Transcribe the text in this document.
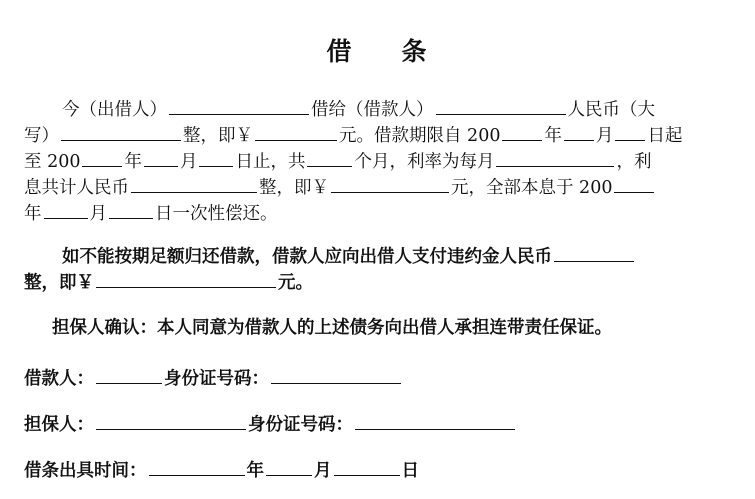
借 条
今（出借人）	借给（借款人）	人民币（大
写）	整，即￥	元。借款期限自 200	年 月 日起
至 200	年 月 日止，共	个月，利率为每月	，利
息共计人民币	整，即￥	元，全部本息于 200
年	月	日一次性偿还。
如不能按期足额归还借款，借款人应向出借人支付违约金人民币
整，即￥	元。
担保人确认：本人同意为借款人的上述债务向出借人承担连带责任保证。
借款人：	身份证号码：
担保人：	身份证号码：
借条出具时间：	年	月	日
